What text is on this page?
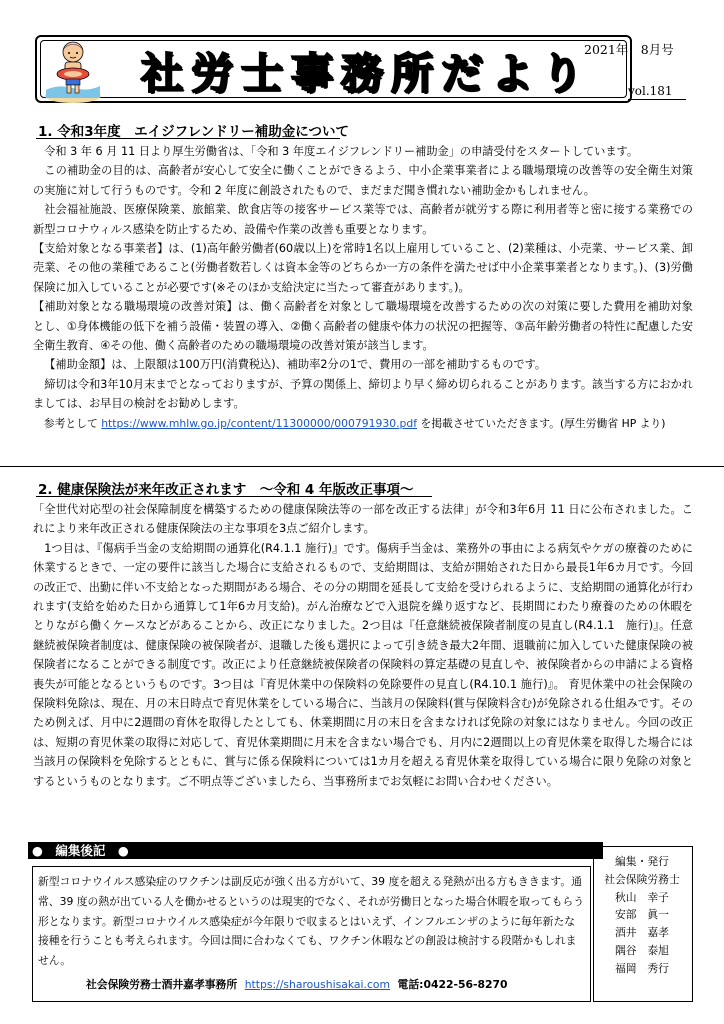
社労士事務所だより
2021年　8月号
vol.181
1. 令和3年度　エイジフレンドリー補助金について

令和 3 年 6 月 11 日より厚生労働省は、「令和 3 年度エイジフレンドリー補助金」の申請受付をスタートしています。

この補助金の目的は、高齢者が安心して安全に働くことができるよう、中小企業事業者による職場環境の改善等の安全衛生対策の実施に対して行うものです。令和 2 年度に創設されたもので、まだまだ聞き慣れない補助金かもしれません。

社会福祉施設、医療保険業、旅館業、飲食店等の接客サービス業等では、高齢者が就労する際に利用者等と密に接する業務での新型コロナウィルス感染を防止するため、設備や作業の改善も重要となります。

【支給対象となる事業者】は、(1)高年齢労働者(60歳以上)を常時1名以上雇用していること、(2)業種は、小売業、サービス業、卸売業、その他の業種であること(労働者数若しくは資本金等のどちらか一方の条件を満たせば中小企業事業者となります。)、(3)労働保険に加入していることが必要です(※そのほか支給決定に当たって審査があります。)。

【補助対象となる職場環境の改善対策】は、働く高齢者を対象として職場環境を改善するための次の対策に要した費用を補助対象とし、①身体機能の低下を補う設備・装置の導入、②働く高齢者の健康や体力の状況の把握等、③高年齢労働者の特性に配慮した安全衛生教育、④その他、働く高齢者のための職場環境の改善対策が該当します。

【補助金額】は、上限額は100万円(消費税込)、補助率2分の1で、費用の一部を補助するものです。

締切は令和3年10月末までとなっておりますが、予算の関係上、締切より早く締め切られることがあります。該当する方におかれましては、お早目の検討をお勧めします。

参考として https://www.mhlw.go.jp/content/11300000/000791930.pdf を掲載させていただきます。(厚生労働省 HP より)

2. 健康保険法が来年改正されます　～令和 4 年版改正事項～

「全世代対応型の社会保障制度を構築するための健康保険法等の一部を改正する法律」が令和3年6月 11 日に公布されました。これにより来年改正される健康保険法の主な事項を3点ご紹介します。

1つ目は、『傷病手当金の支給期間の通算化(R4.1.1 施行)』です。傷病手当金は、業務外の事由による病気やケガの療養のために休業するときで、一定の要件に該当した場合に支給されるもので、支給期間は、支給が開始された日から最長1年6カ月です。今回の改正で、出勤に伴い不支給となった期間がある場合、その分の期間を延長して支給を受けられるように、支給期間の通算化が行われます(支給を始めた日から通算して1年6カ月支給)。がん治療などで入退院を繰り返すなど、長期間にわたり療養のための休暇をとりながら働くケースなどがあることから、改正になりました。2つ目は『任意継続被保険者制度の見直し(R4.1.1　施行)』。任意継続被保険者制度は、健康保険の被保険者が、退職した後も選択によって引き続き最大2年間、退職前に加入していた健康保険の被保険者になることができる制度です。改正により任意継続被保険者の保険料の算定基礎の見直しや、被保険者からの申請による資格喪失が可能となるというものです。3つ目は『育児休業中の保険料の免除要件の見直し(R4.10.1 施行)』。 育児休業中の社会保険の保険料免除は、現在、月の末日時点で育児休業をしている場合に、当該月の保険料(賞与保険料含む)が免除される仕組みです。そのため例えば、月中に2週間の育休を取得したとしても、休業期間に月の末日を含まなければ免除の対象にはなりません。今回の改正は、短期の育児休業の取得に対応して、育児休業期間に月末を含まない場合でも、月内に2週間以上の育児休業を取得した場合には当該月の保険料を免除するとともに、賞与に係る保険料については1カ月を超える育児休業を取得している場合に限り免除の対象とするというものとなります。ご不明点等ございましたら、当事務所までお気軽にお問い合わせください。

●　編集後記　●
新型コロナウイルス感染症のワクチンは副反応が強く出る方がいて、39 度を超える発熱が出る方もききます。通常、39 度の熱が出ている人を働かせるというのは現実的でなく、それが労働日となった場合休暇を取ってもらう形となります。新型コロナウイルス感染症が今年限りで収まるとはいえず、インフルエンザのように毎年新たな接種を行うことも考えられます。今回は間に合わなくても、ワクチン休暇などの創設は検討する段階かもしれません。
社会保険労務士酒井嘉孝事務所 https://sharoushisakai.com 電話:0422-56-8270
編集・発行
社会保険労務士
秋山　幸子
安部　眞一
酒井　嘉孝
隅谷　泰旭
福岡　秀行
